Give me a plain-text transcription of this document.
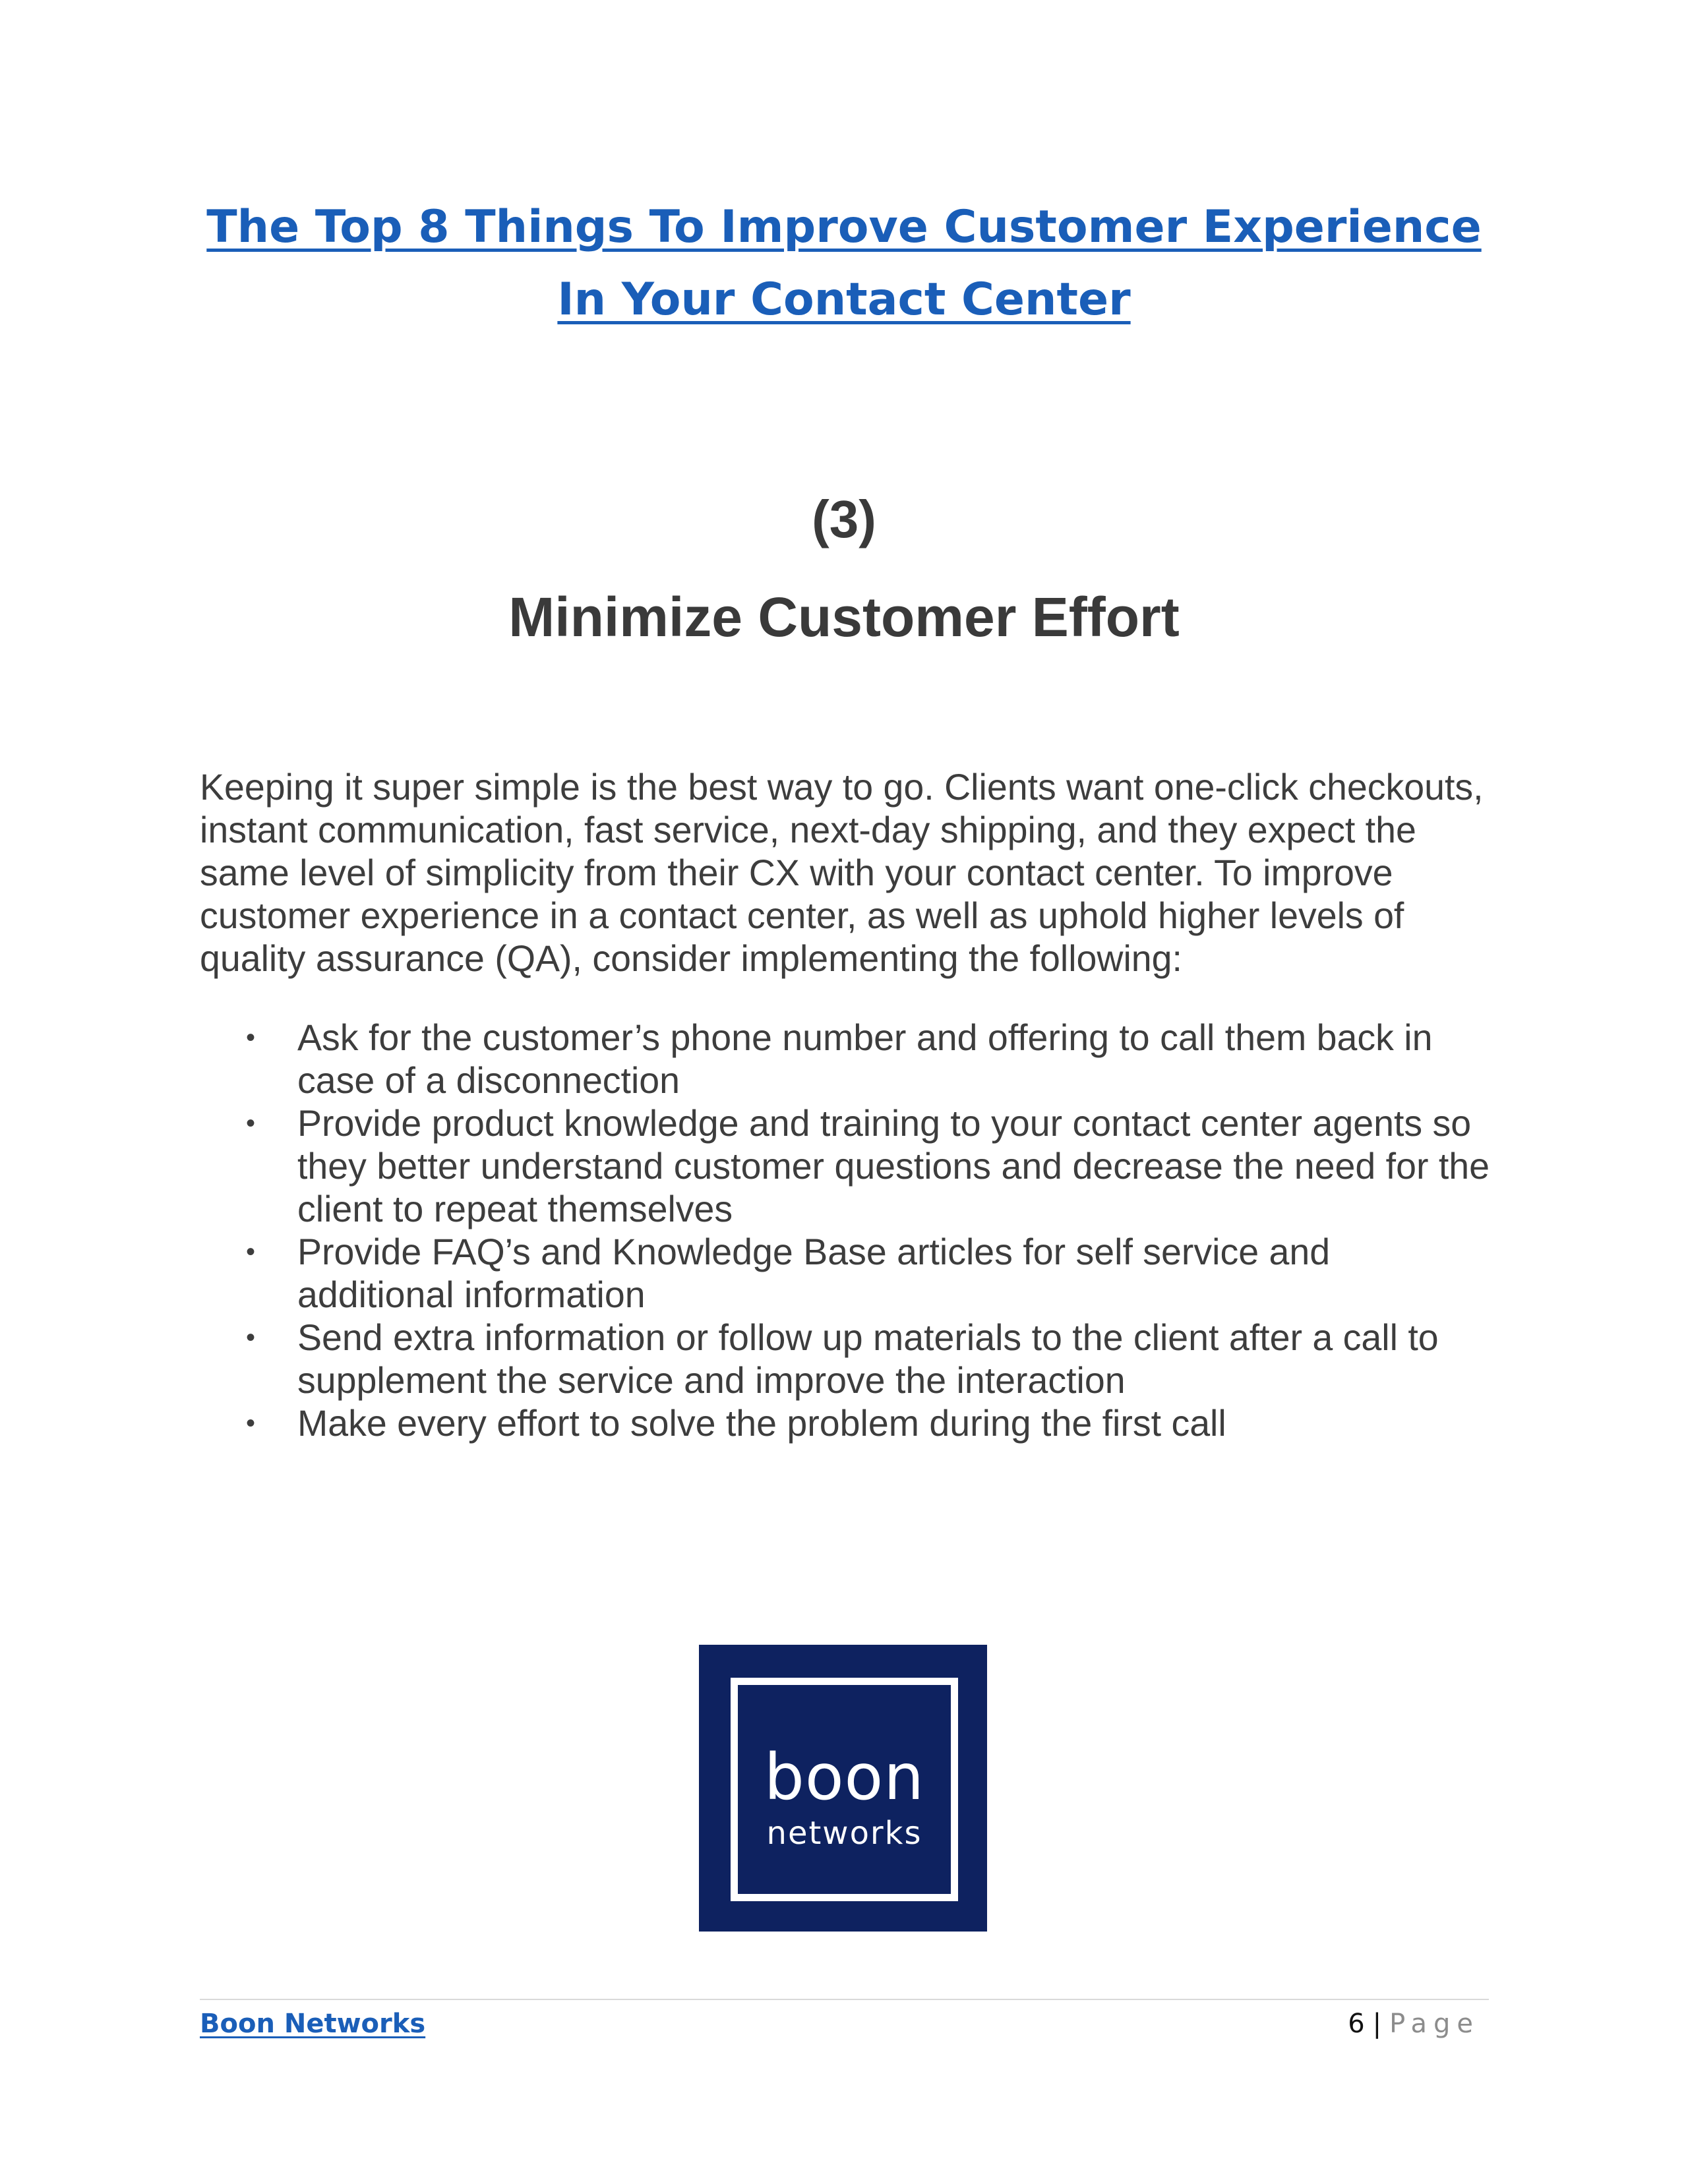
The Top 8 Things To Improve Customer Experience
In Your Contact Center
(3)
Minimize Customer Effort

Keeping it super simple is the best way to go. Clients want one-click checkouts, instant communication, fast service, next-day shipping, and they expect the same level of simplicity from their CX with your contact center. To improve customer experience in a contact center, as well as uphold higher levels of quality assurance (QA), consider implementing the following:

• Ask for the customer’s phone number and offering to call them back in case of a disconnection
• Provide product knowledge and training to your contact center agents so they better understand customer questions and decrease the need for the client to repeat themselves
• Provide FAQ’s and Knowledge Base articles for self service and additional information
• Send extra information or follow up materials to the client after a call to supplement the service and improve the interaction
• Make every effort to solve the problem during the first call
boon
networks
Boon Networks	6 | Page
